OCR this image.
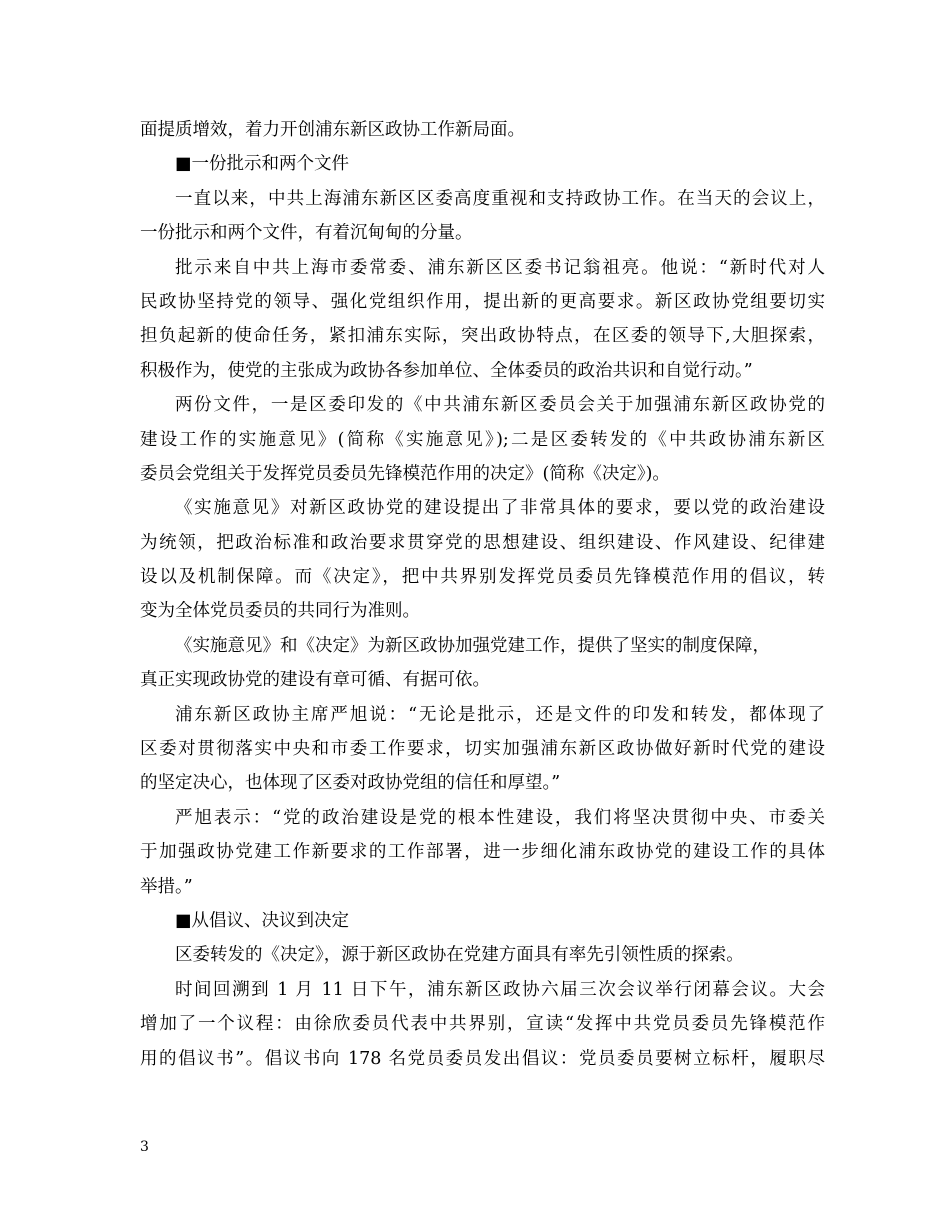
面提质增效，着力开创浦东新区政协工作新局面。
■一份批示和两个文件
一直以来，中共上海浦东新区区委高度重视和支持政协工作。在当天的会议上，
一份批示和两个文件，有着沉甸甸的分量。
批示来自中共上海市委常委、浦东新区区委书记翁祖亮。他说：“新时代对人
民政协坚持党的领导、强化党组织作用，提出新的更高要求。新区政协党组要切实
担负起新的使命任务，紧扣浦东实际，突出政协特点，在区委的领导下,大胆探索，
积极作为，使党的主张成为政协各参加单位、全体委员的政治共识和自觉行动。”
两份文件，一是区委印发的《中共浦东新区委员会关于加强浦东新区政协党的
建设工作的实施意见》(简称《实施意见》);二是区委转发的《中共政协浦东新区
委员会党组关于发挥党员委员先锋模范作用的决定》(简称《决定》)。
《实施意见》对新区政协党的建设提出了非常具体的要求，要以党的政治建设
为统领，把政治标准和政治要求贯穿党的思想建设、组织建设、作风建设、纪律建
设以及机制保障。而《决定》，把中共界别发挥党员委员先锋模范作用的倡议，转
变为全体党员委员的共同行为准则。
《实施意见》和《决定》为新区政协加强党建工作，提供了坚实的制度保障，
真正实现政协党的建设有章可循、有据可依。
浦东新区政协主席严旭说：“无论是批示，还是文件的印发和转发，都体现了
区委对贯彻落实中央和市委工作要求，切实加强浦东新区政协做好新时代党的建设
的坚定决心，也体现了区委对政协党组的信任和厚望。”
严旭表示：“党的政治建设是党的根本性建设，我们将坚决贯彻中央、市委关
于加强政协党建工作新要求的工作部署，进一步细化浦东政协党的建设工作的具体
举措。”
■从倡议、决议到决定
区委转发的《决定》，源于新区政协在党建方面具有率先引领性质的探索。
时间回溯到 1 月 11 日下午，浦东新区政协六届三次会议举行闭幕会议。大会
增加了一个议程：由徐欣委员代表中共界别，宣读“发挥中共党员委员先锋模范作
用的倡议书”。倡议书向 178 名党员委员发出倡议：党员委员要树立标杆，履职尽
3
